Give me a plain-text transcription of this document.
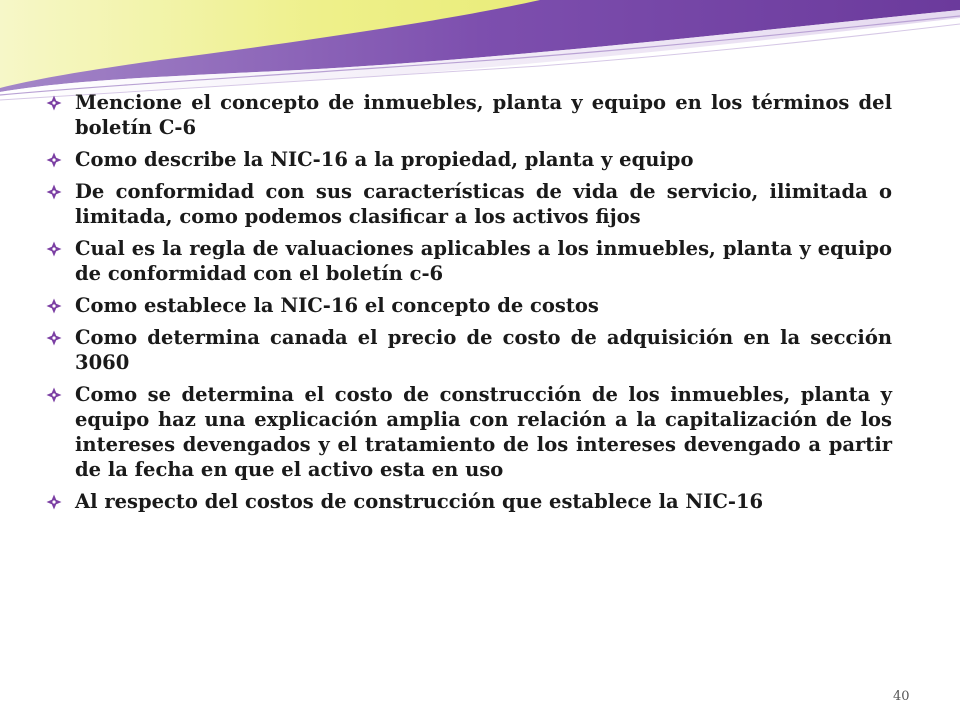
Mencione el concepto de inmuebles, planta y equipo en los términos del boletín C-6
Como describe la NIC-16 a la propiedad, planta y equipo
De conformidad con sus características de vida de servicio, ilimitada o limitada, como podemos clasificar a los activos fijos
Cual es la regla de valuaciones aplicables a los inmuebles, planta y equipo de conformidad con el boletín c-6
Como establece la NIC-16 el concepto de costos
Como determina canada el precio de costo de adquisición en la sección 3060
Como se determina el costo de construcción de los inmuebles, planta y equipo haz una explicación amplia con relación a la capitalización de los intereses devengados y el tratamiento de los intereses devengado a partir de la fecha en que el activo esta en uso
Al respecto del costos de construcción que establece la NIC-16
40
